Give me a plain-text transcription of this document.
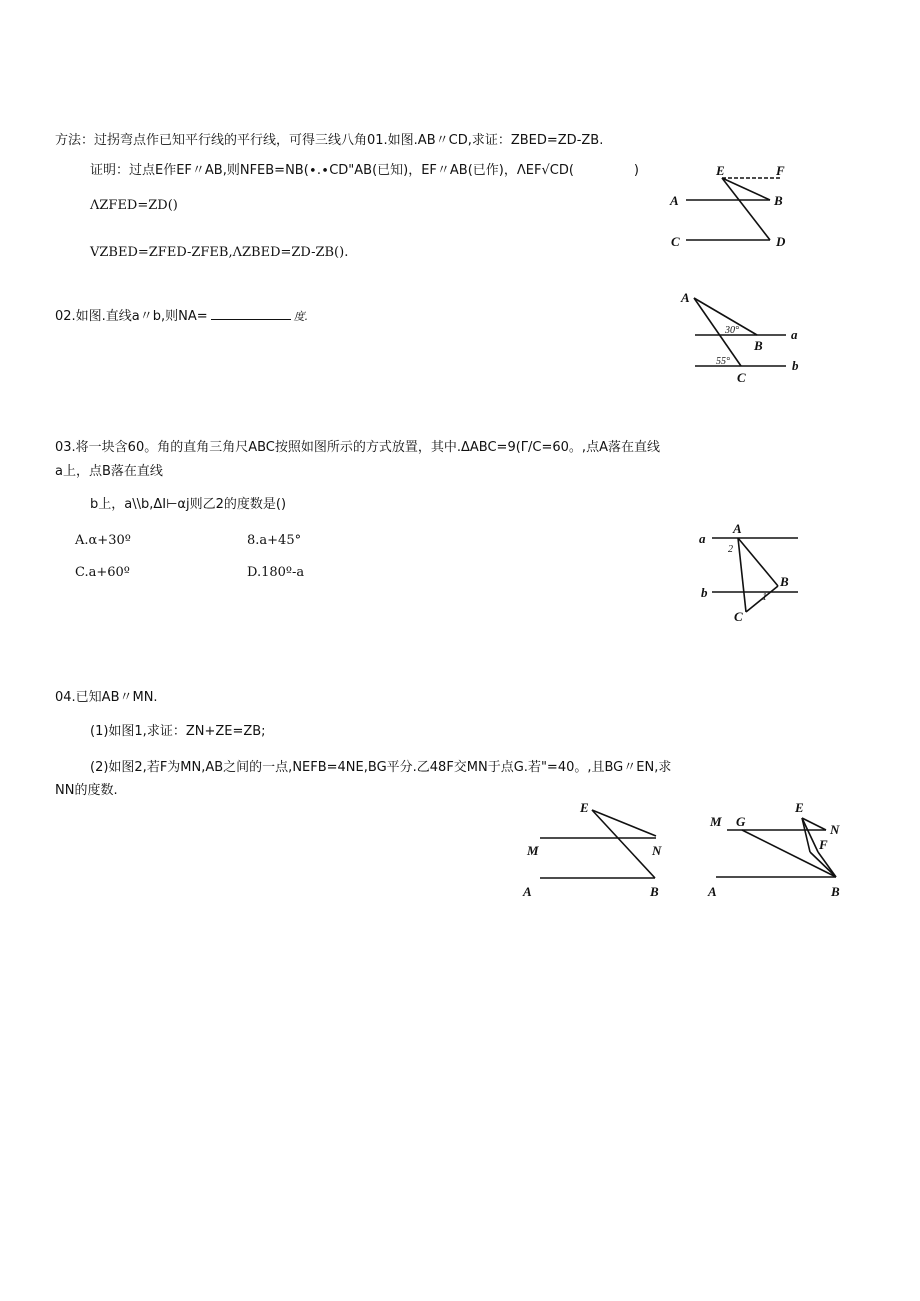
方法：过拐弯点作已知平行线的平行线，可得三线八角01.如图.AB〃CD,求证：ZBED=ZD-ZB.
证明：过点E作EF〃AB,则NFEB=NB(∙.∙CD"AB(已知)，EF〃AB(已作)，ΛEF√CD(	)
ΛZFED=ZD()
VZBED=ZFED-ZFEB,ΛZBED=ZD-ZB().
02.如图.直线a〃b,则NA=	度.
03.将一块含60。角的直角三角尺ABC按照如图所示的方式放置，其中.ΔABC=9(Γ/C=60。,点A落在直线
a上，点B落在直线
b上，a\\b,ΔI⊢αj则乙2的度数是()
A.α+30º	8.a+45°
C.a+60º	D.180º-a
04.已知AB〃MN.
(1)如图1,求证：ZN+ZE=ZB;
(2)如图2,若F为MN,AB之间的一点,NEFB=4NE,BG平分.乙48F交MN于点G.若"=40。,且BG〃EN,求
NN的度数.
E	F
A	B
C	D
A
a
B
b
C
30°
55°
a
A
2
b
B
1
C
E
M	N
A	B
M G
E
N
F
A	B
